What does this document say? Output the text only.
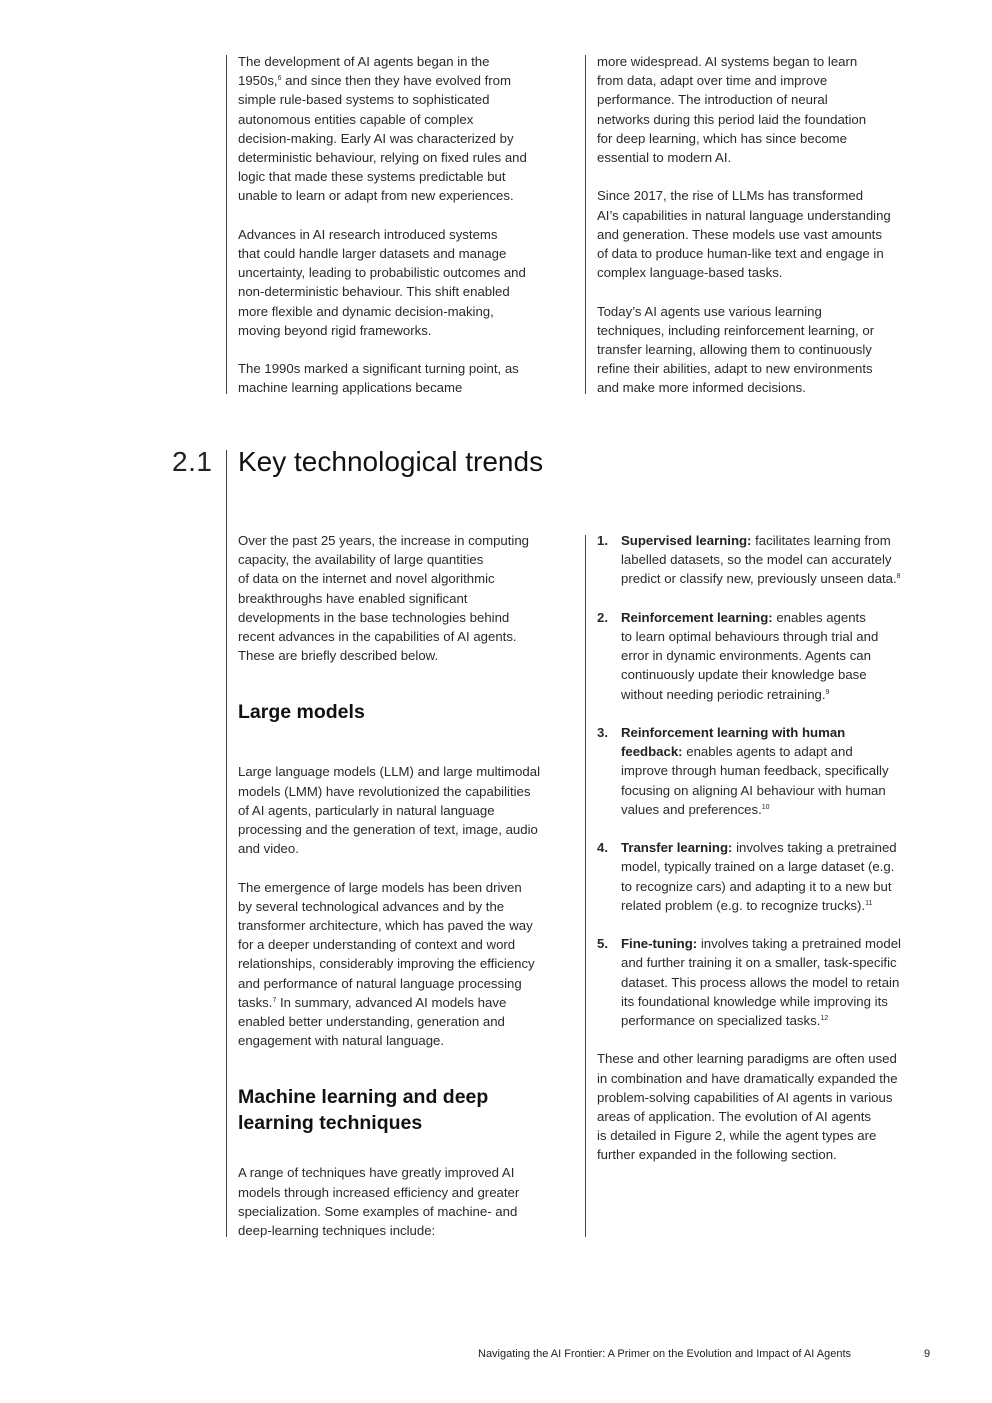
The development of AI agents began in the
1950s,$^6$ and since then they have evolved from
simple rule-based systems to sophisticated
autonomous entities capable of complex
decision-making. Early AI was characterized by
deterministic behaviour, relying on fixed rules and
logic that made these systems predictable but
unable to learn or adapt from new experiences.

Advances in AI research introduced systems
that could handle larger datasets and manage
uncertainty, leading to probabilistic outcomes and
non-deterministic behaviour. This shift enabled
more flexible and dynamic decision-making,
moving beyond rigid frameworks.

The 1990s marked a significant turning point, as
machine learning applications became

more widespread. AI systems began to learn
from data, adapt over time and improve
performance. The introduction of neural
networks during this period laid the foundation
for deep learning, which has since become
essential to modern AI.

Since 2017, the rise of LLMs has transformed
AI’s capabilities in natural language understanding
and generation. These models use vast amounts
of data to produce human-like text and engage in
complex language-based tasks.

Today’s AI agents use various learning
techniques, including reinforcement learning, or
transfer learning, allowing them to continuously
refine their abilities, adapt to new environments
and make more informed decisions.

2.1 Key technological trends

Over the past 25 years, the increase in computing
capacity, the availability of large quantities
of data on the internet and novel algorithmic
breakthroughs have enabled significant
developments in the base technologies behind
recent advances in the capabilities of AI agents.
These are briefly described below.

Large models

Large language models (LLM) and large multimodal
models (LMM) have revolutionized the capabilities
of AI agents, particularly in natural language
processing and the generation of text, image, audio
and video.

The emergence of large models has been driven
by several technological advances and by the
transformer architecture, which has paved the way
for a deeper understanding of context and word
relationships, considerably improving the efficiency
and performance of natural language processing
tasks.$^7$ In summary, advanced AI models have
enabled better understanding, generation and
engagement with natural language.

Machine learning and deep
learning techniques

A range of techniques have greatly improved AI
models through increased efficiency and greater
specialization. Some examples of machine- and
deep-learning techniques include:

1. Supervised learning: facilitates learning from
labelled datasets, so the model can accurately
predict or classify new, previously unseen data.$^8$
2. Reinforcement learning: enables agents
to learn optimal behaviours through trial and
error in dynamic environments. Agents can
continuously update their knowledge base
without needing periodic retraining.$^9$
3. Reinforcement learning with human
feedback: enables agents to adapt and
improve through human feedback, specifically
focusing on aligning AI behaviour with human
values and preferences.$^{10}$
4. Transfer learning: involves taking a pretrained
model, typically trained on a large dataset (e.g.
to recognize cars) and adapting it to a new but
related problem (e.g. to recognize trucks).$^{11}$
5. Fine-tuning: involves taking a pretrained model
and further training it on a smaller, task-specific
dataset. This process allows the model to retain
its foundational knowledge while improving its
performance on specialized tasks.$^{12}$

These and other learning paradigms are often used
in combination and have dramatically expanded the
problem-solving capabilities of AI agents in various
areas of application. The evolution of AI agents
is detailed in Figure 2, while the agent types are
further expanded in the following section.

Navigating the AI Frontier: A Primer on the Evolution and Impact of AI Agents	9
